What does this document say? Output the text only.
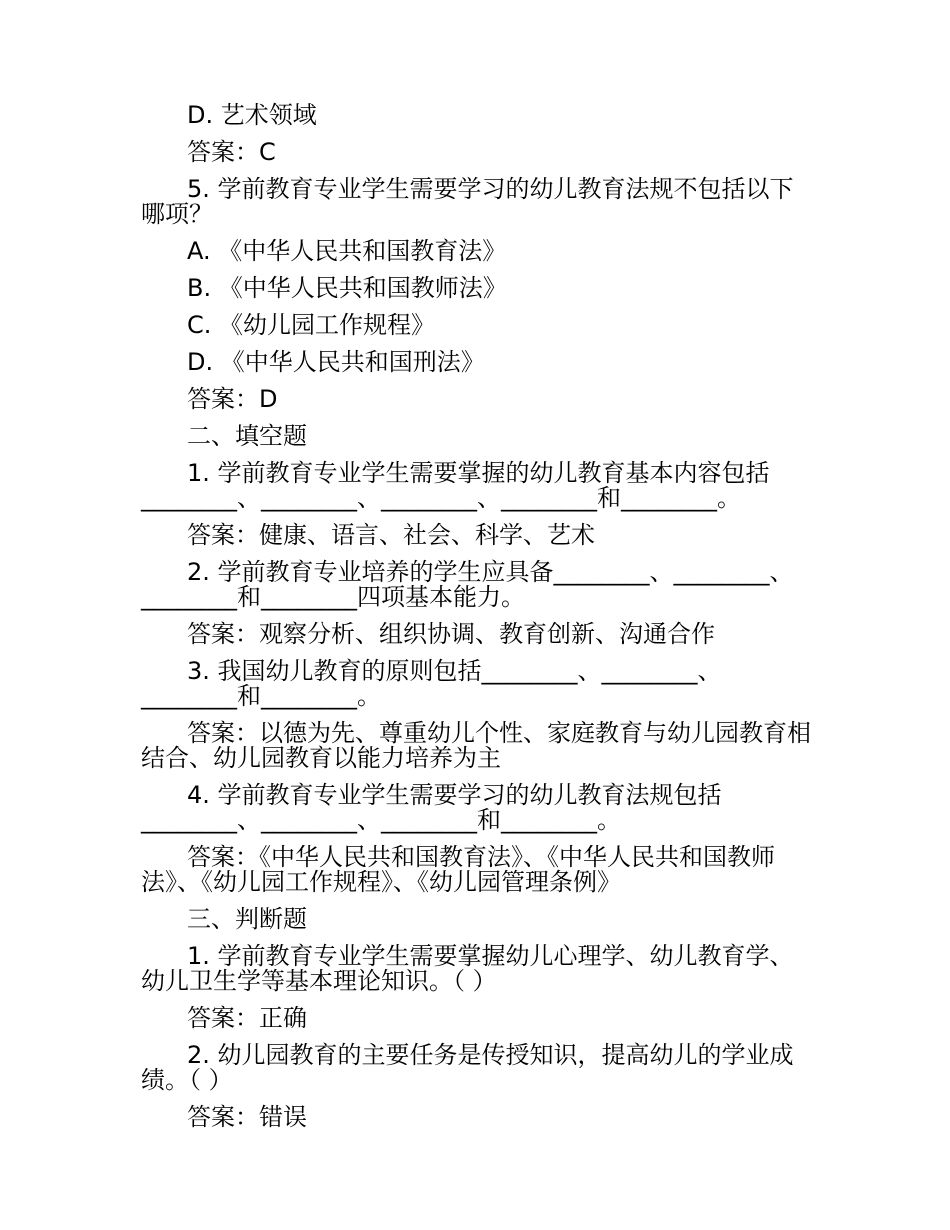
D. 艺术领域

答案：C

5. 学前教育专业学生需要学习的幼儿教育法规不包括以下哪项？

A. 《中华人民共和国教育法》

B. 《中华人民共和国教师法》

C. 《幼儿园工作规程》

D. 《中华人民共和国刑法》

答案：D

二、填空题

1. 学前教育专业学生需要掌握的幼儿教育基本内容包括________、________、________、________和________。

答案：健康、语言、社会、科学、艺术

2. 学前教育专业培养的学生应具备________、________、________和________四项基本能力。

答案：观察分析、组织协调、教育创新、沟通合作

3. 我国幼儿教育的原则包括________、________、________和________。

答案：以德为先、尊重幼儿个性、家庭教育与幼儿园教育相结合、幼儿园教育以能力培养为主

4. 学前教育专业学生需要学习的幼儿教育法规包括________、________、________和________。

答案：《中华人民共和国教育法》、《中华人民共和国教师法》、《幼儿园工作规程》、《幼儿园管理条例》

三、判断题

1. 学前教育专业学生需要掌握幼儿心理学、幼儿教育学、幼儿卫生学等基本理论知识。（ ）

答案：正确

2. 幼儿园教育的主要任务是传授知识，提高幼儿的学业成绩。（ ）

答案：错误
